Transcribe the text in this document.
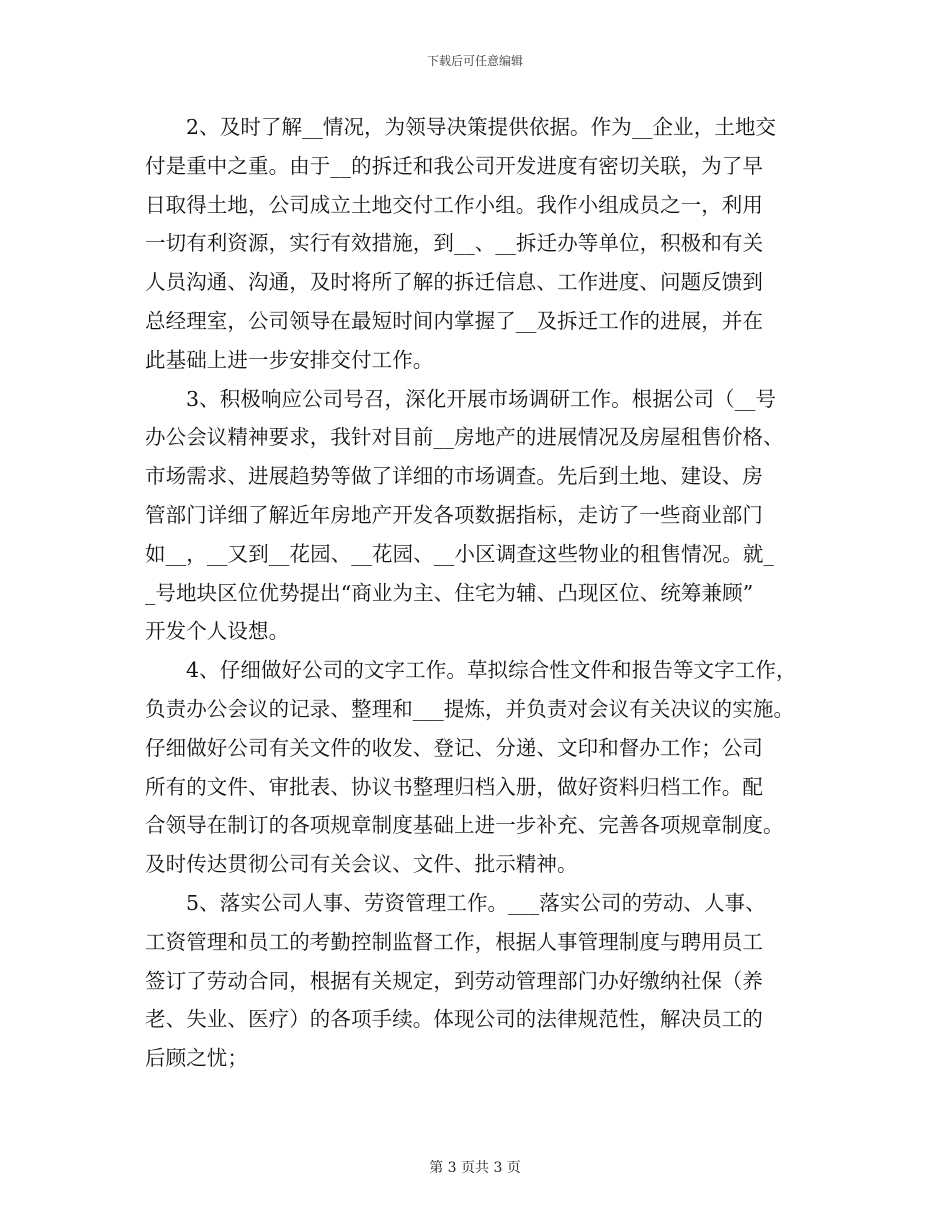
下载后可任意编辑
2、及时了解__情况，为领导决策提供依据。作为__企业，土地交
付是重中之重。由于__的拆迁和我公司开发进度有密切关联，为了早
日取得土地，公司成立土地交付工作小组。我作小组成员之一，利用
一切有利资源，实行有效措施，到__、__拆迁办等单位，积极和有关
人员沟通、沟通，及时将所了解的拆迁信息、工作进度、问题反馈到
总经理室，公司领导在最短时间内掌握了__及拆迁工作的进展，并在
此基础上进一步安排交付工作。
3、积极响应公司号召，深化开展市场调研工作。根据公司（__号
办公会议精神要求，我针对目前__房地产的进展情况及房屋租售价格、
市场需求、进展趋势等做了详细的市场调查。先后到土地、建设、房
管部门详细了解近年房地产开发各项数据指标，走访了一些商业部门
如__，__又到__花园、__花园、__小区调查这些物业的租售情况。就_
_号地块区位优势提出“商业为主、住宅为辅、凸现区位、统筹兼顾”
开发个人设想。
4、仔细做好公司的文字工作。草拟综合性文件和报告等文字工作，
负责办公会议的记录、整理和___提炼，并负责对会议有关决议的实施。
仔细做好公司有关文件的收发、登记、分递、文印和督办工作；公司
所有的文件、审批表、协议书整理归档入册，做好资料归档工作。配
合领导在制订的各项规章制度基础上进一步补充、完善各项规章制度。
及时传达贯彻公司有关会议、文件、批示精神。
5、落实公司人事、劳资管理工作。___落实公司的劳动、人事、
工资管理和员工的考勤控制监督工作，根据人事管理制度与聘用员工
签订了劳动合同，根据有关规定，到劳动管理部门办好缴纳社保（养
老、失业、医疗）的各项手续。体现公司的法律规范性，解决员工的
后顾之忧；
第 3 页共 3 页
